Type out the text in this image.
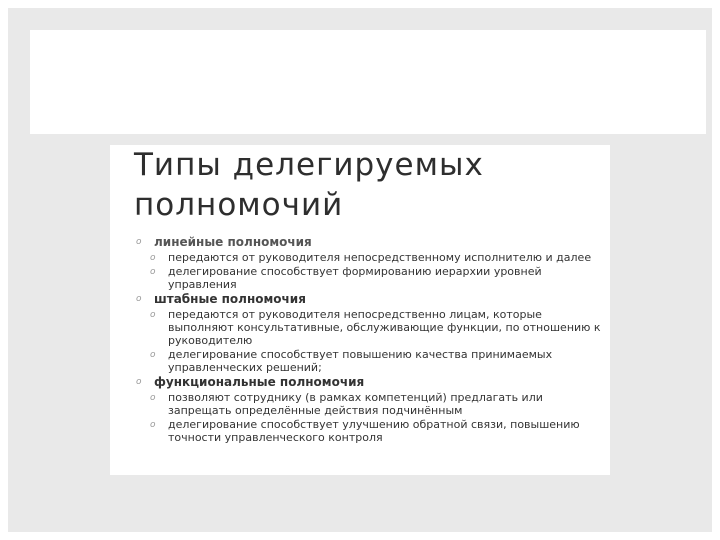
Типы делегируемых
полномочий
o линейные полномочия
o передаются от руководителя непосредственному исполнителю и далее
o делегирование способствует формированию иерархии уровней управления
o штабные полномочия
o передаются от руководителя непосредственно лицам, которые выполняют консультативные, обслуживающие функции, по отношению к руководителю
o делегирование способствует повышению качества принимаемых управленческих решений;
o функциональные полномочия
o позволяют сотруднику (в рамках компетенций) предлагать или запрещать определённые действия подчинённым
o делегирование способствует улучшению обратной связи, повышению точности управленческого контроля
